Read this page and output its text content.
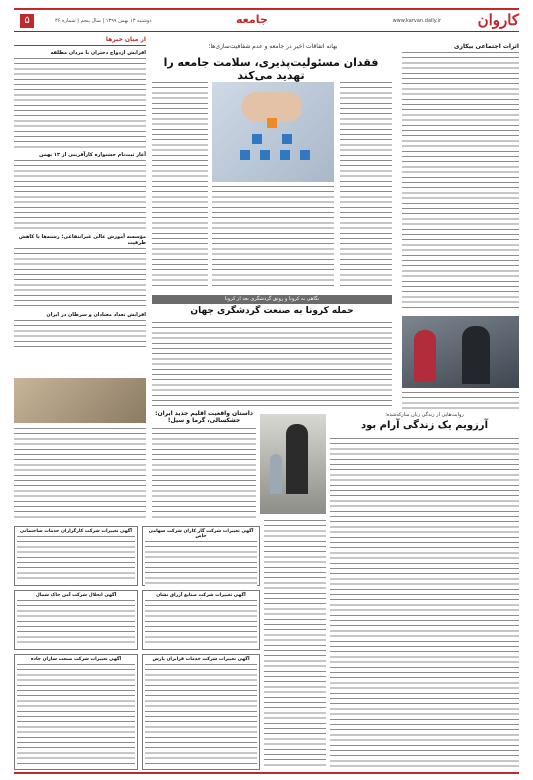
کاروان
www.karvan.daily.ir
جامعه
دوشنبه ۱۳ بهمن ۱۳۹۹ | سال پنجم | شماره ۳۶
۵
از میان خبرها
افزایش ازدواج دختران با مردان مطلقه
آغاز ثبت‌نام جشنواره کارآفرینی از ۱۳ بهمن
مؤسسه آموزش عالی غیرانتفاعی؛ رشته‌ها با کاهش ظرفیت
افزایش تعداد معتادان و سرطان در ایران
بهانه اتفاقات اخیر در جامعه و عدم شفافیت‌سازی‌ها؛
فقدان مسئولیت‌پذیری، سلامت جامعه را تهدید می‌کند
اثرات اجتماعی بیکاری
نگاهی به کرونا و رونق گردشگری بعد از کرونا
حمله کرونا به صنعت گردشگری جهان
روایت‌هایی از زندگی زنان متارکه‌شده؛
آرزویم یک زندگی آرام بود
داستان واقعیت اقلیم جدید ایران: خشکسالی، گرما و سیل!
آگهی تغییرات شرکت کارگزاران خدمات ساختمانی	آگهی تغییرات شرکت گاز کاران شرکت سهامی خاص
آگهی انحلال شرکت آمن خاک شمال	آگهی تغییرات شرکت صنایع آرزاق نشان
آگهی تغییرات شرکت صنعت سازان جاده	آگهی تغییرات شرکت خدمات فرابران پارس
